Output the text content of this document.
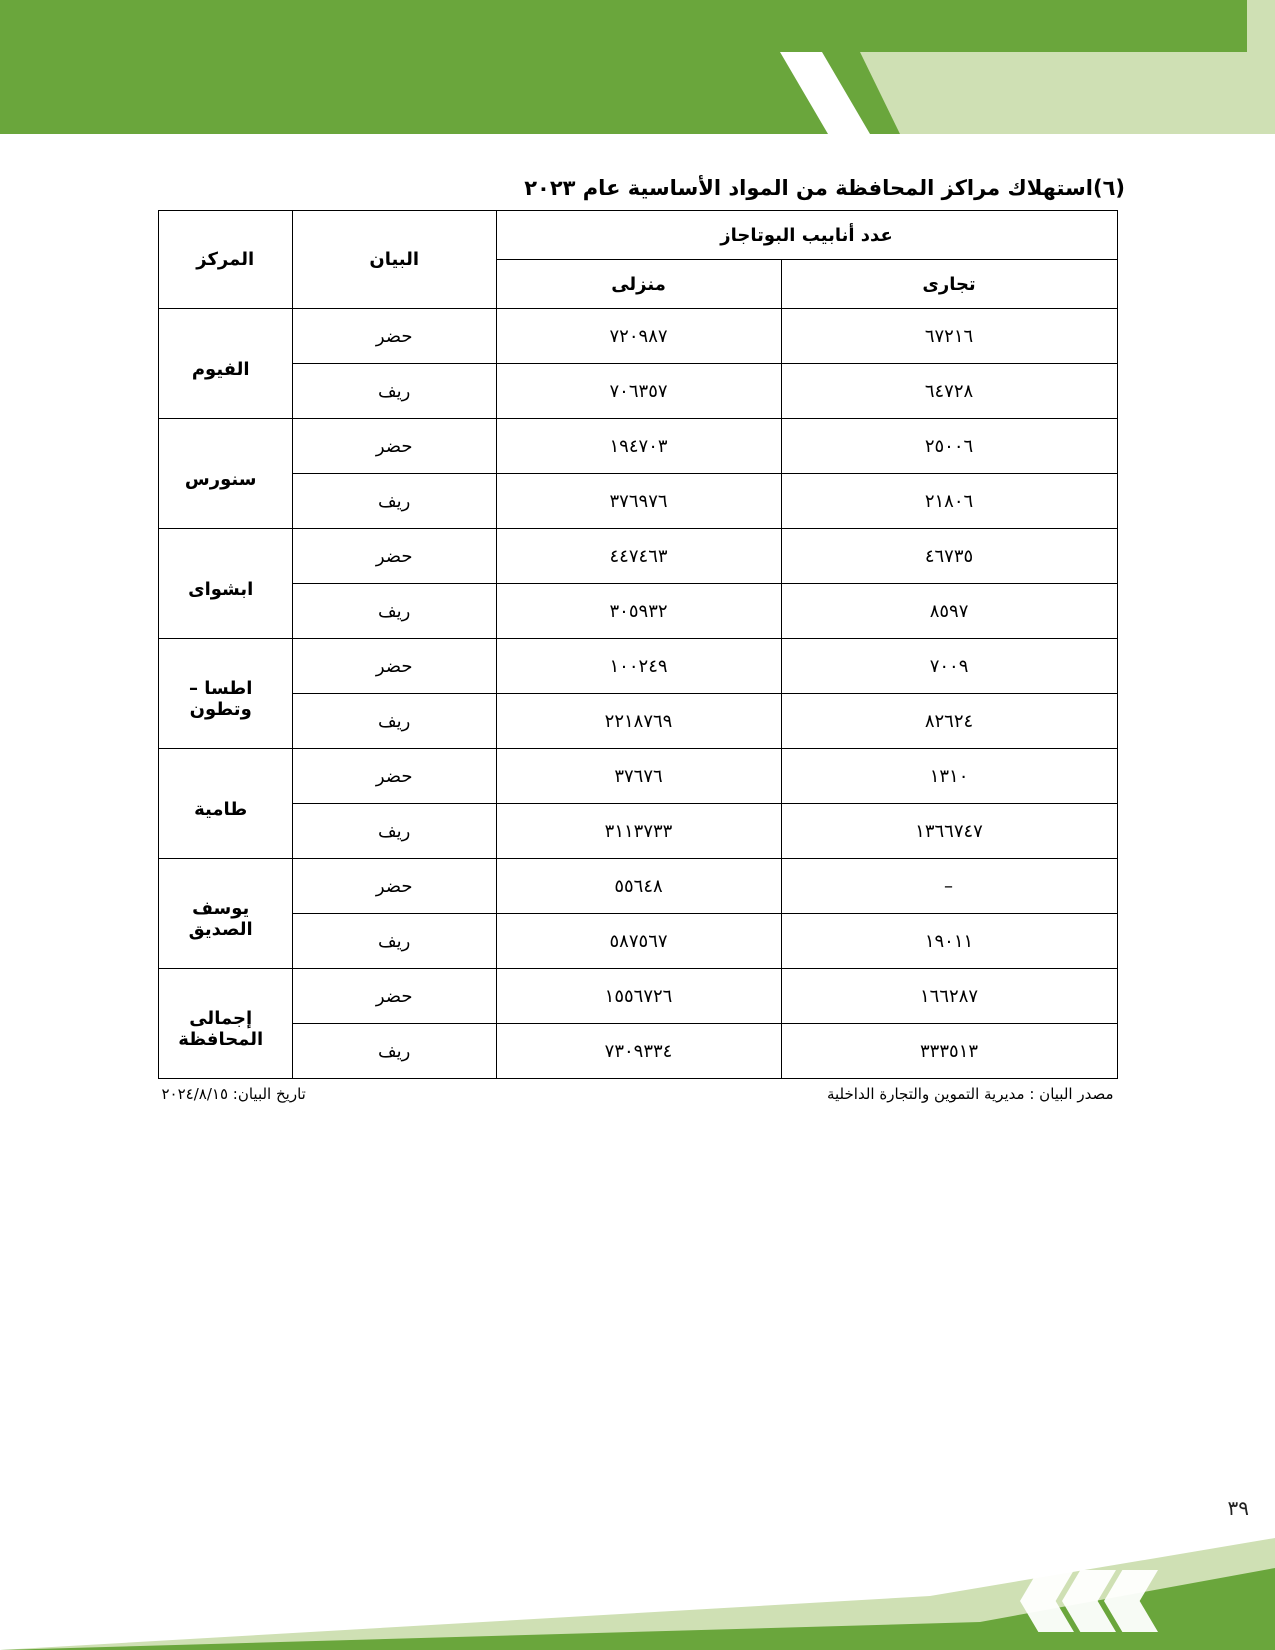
(٦)استهلاك مراكز المحافظة من المواد الأساسية عام ٢٠٢٣
عدد أنابيب البوتاجاز		البيان	المركز
تجارى	منزلى		
٦٧٢١٦	٧٢٠٩٨٧	حضر	الفيوم
٦٤٧٢٨	٧٠٦٣٥٧	ريف	
٢٥٠٠٦	١٩٤٧٠٣	حضر	سنورس
٢١٨٠٦	٣٧٦٩٧٦	ريف	
٤٦٧٣٥	٤٤٧٤٦٣	حضر	ابشواى
٨٥٩٧	٣٠٥٩٣٢	ريف	
٧٠٠٩	١٠٠٢٤٩	حضر	اطسا – وتطون
٨٢٦٢٤	٢٢١٨٧٦٩	ريف	
١٣١٠	٣٧٦٧٦	حضر	طامية
١٣٦٦٧٤٧	٣١١٣٧٣٣	ريف	
–	٥٥٦٤٨	حضر	يوسف الصديق
١٩٠١١	٥٨٧٥٦٧	ريف	
١٦٦٢٨٧	١٥٥٦٧٢٦	حضر	إجمالى المحافظة
٣٣٣٥١٣	٧٣٠٩٣٣٤	ريف	
مصدر البيان : مديرية التموين والتجارة الداخلية
تاريخ البيان: ٢٠٢٤/٨/١٥
٣٩
